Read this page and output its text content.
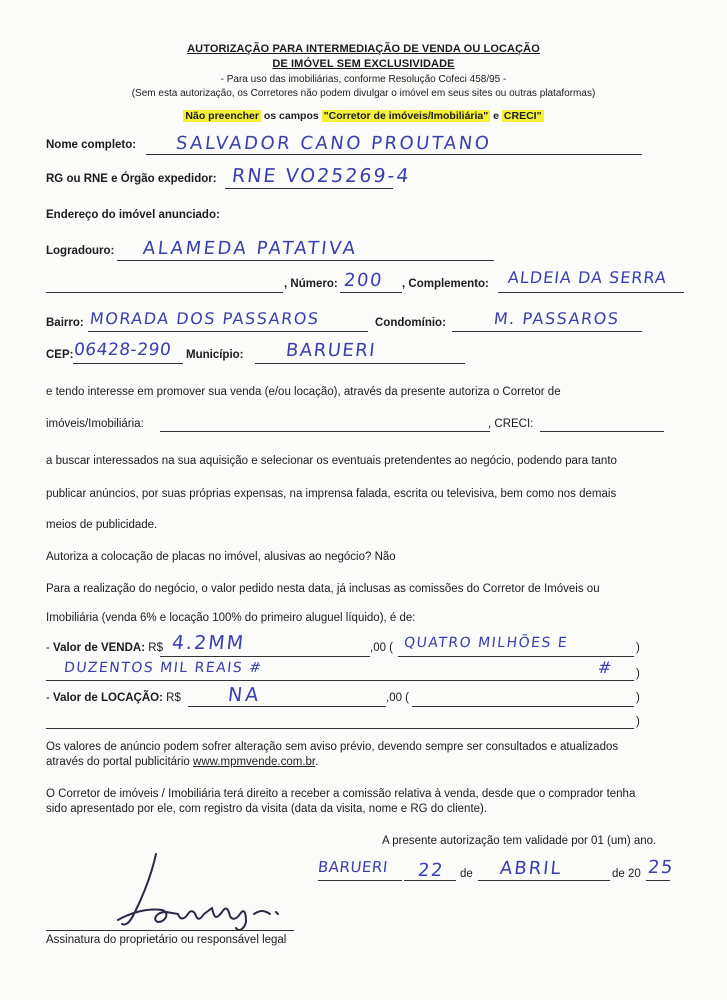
AUTORIZAÇÃO PARA INTERMEDIAÇÃO DE VENDA OU LOCAÇÃO
DE IMÓVEL SEM EXCLUSIVIDADE
- Para uso das imobiliárias, conforme Resolução Cofeci 458/95 -
(Sem esta autorização, os Corretores não podem divulgar o imóvel em seus sites ou outras plataformas)
Não preencher os campos "Corretor de imóveis/Imobiliária" e CRECI"
Nome completo: SALVADOR CANO PROUTANO
RG ou RNE e Órgão expedidor: RNE VO25269-4
Endereço do imóvel anunciado:
Logradouro: ALAMEDA PATATIVA
, Número: 200 , Complemento: ALDEIA DA SERRA
Bairro: MORADA DOS PASSAROS	Condomínio:	M. PASSAROS
CEP: 06428-290 Município: BARUERI
e tendo interesse em promover sua venda (e/ou locação), através da presente autoriza o Corretor de
imóveis/Imobiliária:	, CRECI:
a buscar interessados na sua aquisição e selecionar os eventuais pretendentes ao negócio, podendo para tanto
publicar anúncios, por suas próprias expensas, na imprensa falada, escrita ou televisiva, bem como nos demais
meios de publicidade.
Autoriza a colocação de placas no imóvel, alusivas ao negócio? Não
Para a realização do negócio, o valor pedido nesta data, já inclusas as comissões do Corretor de Imóveis ou
Imobiliária (venda 6% e locação 100% do primeiro aluguel líquido), é de:
- Valor de VENDA: R$ 4.2MM	,00 ( QUATRO MILHÕES E	)
DUZENTOS MIL REAIS #	# )
- Valor de LOCAÇÃO: R$ NA	,00 (	)
)
Os valores de anúncio podem sofrer alteração sem aviso prévio, devendo sempre ser consultados e atualizados
através do portal publicitário www.mpmvende.com.br.
O Corretor de imóveis / Imobiliária terá direito a receber a comissão relativa à venda, desde que o comprador tenha
sido apresentado por ele, com registro da visita (data da visita, nome e RG do cliente).
A presente autorização tem validade por 01 (um) ano.
BARUERI 22 de ABRIL	de 20 25
Assinatura do proprietário ou responsável legal
